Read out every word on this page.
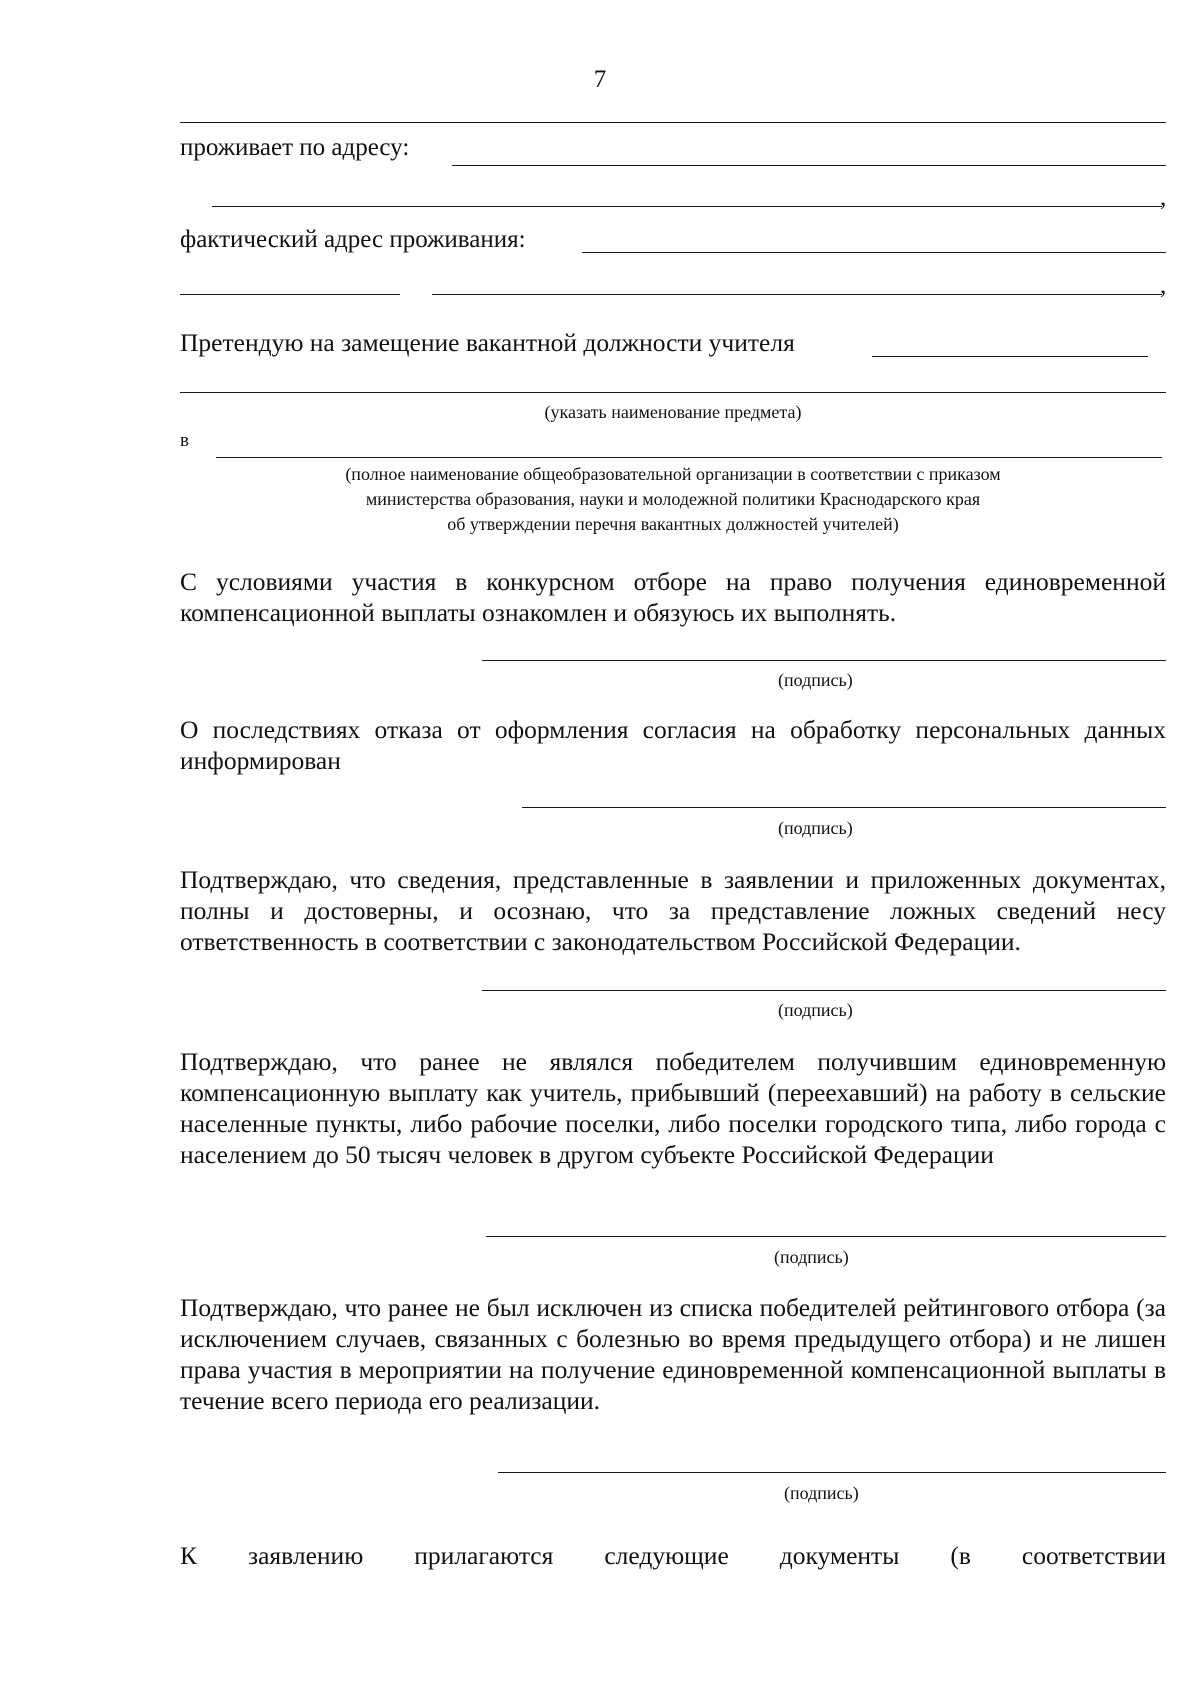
7
проживает по адресу:
,
фактический адрес проживания:
,
Претендую на замещение вакантной должности учителя
(указать наименование предмета)
в
(полное наименование общеобразовательной организации в соответствии с приказом
министерства образования, науки и молодежной политики Краснодарского края
об утверждении перечня вакантных должностей учителей)
С условиями участия в конкурсном отборе на право получения единовременной компенсационной выплаты ознакомлен и обязуюсь их выполнять.
(подпись)
О последствиях отказа от оформления согласия на обработку персональных данных информирован
(подпись)
Подтверждаю, что сведения, представленные в заявлении и приложенных документах, полны и достоверны, и осознаю, что за представление ложных сведений несу ответственность в соответствии с законодательством Российской Федерации.
(подпись)
Подтверждаю, что ранее не являлся победителем получившим единовременную компенсационную выплату как учитель, прибывший (переехавший) на работу в сельские населенные пункты, либо рабочие поселки, либо поселки городского типа, либо города с населением до 50 тысяч человек в другом субъекте Российской Федерации
(подпись)
Подтверждаю, что ранее не был исключен из списка победителей рейтингового отбора (за исключением случаев, связанных с болезнью во время предыдущего отбора) и не лишен права участия в мероприятии на получение единовременной компенсационной выплаты в течение всего периода его реализации.
(подпись)
К заявлению прилагаются следующие документы (в соответствии
